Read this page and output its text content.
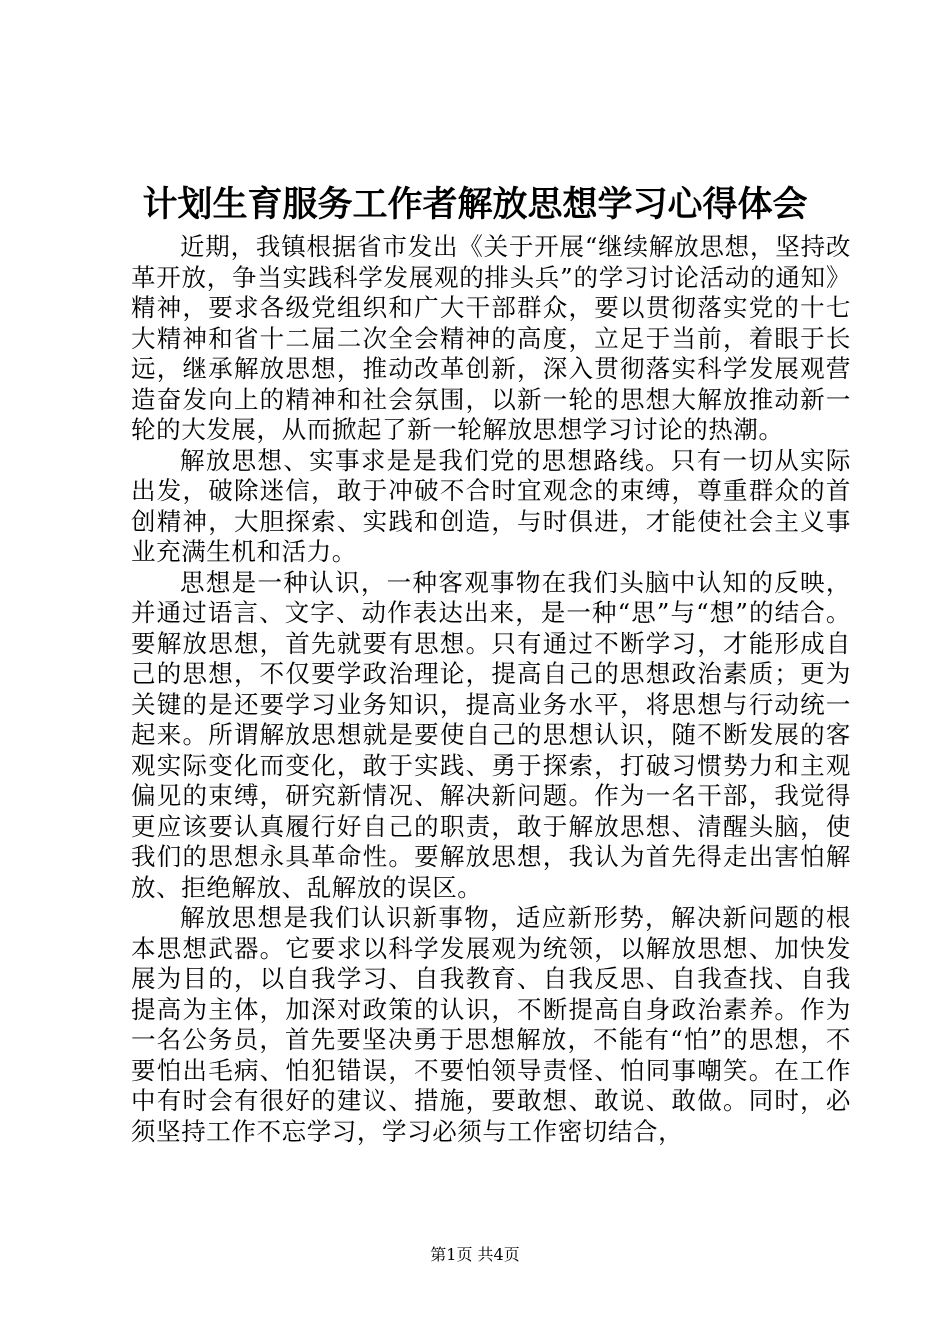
计划生育服务工作者解放思想学习心得体会

近期，我镇根据省市发出《关于开展“继续解放思想，坚持改革开放，争当实践科学发展观的排头兵”的学习讨论活动的通知》精神，要求各级党组织和广大干部群众，要以贯彻落实党的十七大精神和省十二届二次全会精神的高度，立足于当前，着眼于长远，继承解放思想，推动改革创新，深入贯彻落实科学发展观营造奋发向上的精神和社会氛围，以新一轮的思想大解放推动新一轮的大发展，从而掀起了新一轮解放思想学习讨论的热潮。

解放思想、实事求是是我们党的思想路线。只有一切从实际出发，破除迷信，敢于冲破不合时宜观念的束缚，尊重群众的首创精神，大胆探索、实践和创造，与时俱进，才能使社会主义事业充满生机和活力。

思想是一种认识，一种客观事物在我们头脑中认知的反映，并通过语言、文字、动作表达出来，是一种“思”与“想”的结合。要解放思想，首先就要有思想。只有通过不断学习，才能形成自己的思想，不仅要学政治理论，提高自己的思想政治素质；更为关键的是还要学习业务知识，提高业务水平，将思想与行动统一起来。所谓解放思想就是要使自己的思想认识，随不断发展的客观实际变化而变化，敢于实践、勇于探索，打破习惯势力和主观偏见的束缚，研究新情况、解决新问题。作为一名干部，我觉得更应该要认真履行好自己的职责，敢于解放思想、清醒头脑，使我们的思想永具革命性。要解放思想，我认为首先得走出害怕解放、拒绝解放、乱解放的误区。

解放思想是我们认识新事物，适应新形势，解决新问题的根本思想武器。它要求以科学发展观为统领，以解放思想、加快发展为目的，以自我学习、自我教育、自我反思、自我查找、自我提高为主体，加深对政策的认识，不断提高自身政治素养。作为一名公务员，首先要坚决勇于思想解放，不能有“怕”的思想，不要怕出毛病、怕犯错误，不要怕领导责怪、怕同事嘲笑。在工作中有时会有很好的建议、措施，要敢想、敢说、敢做。同时，必须坚持工作不忘学习，学习必须与工作密切结合，

第1页 共4页
